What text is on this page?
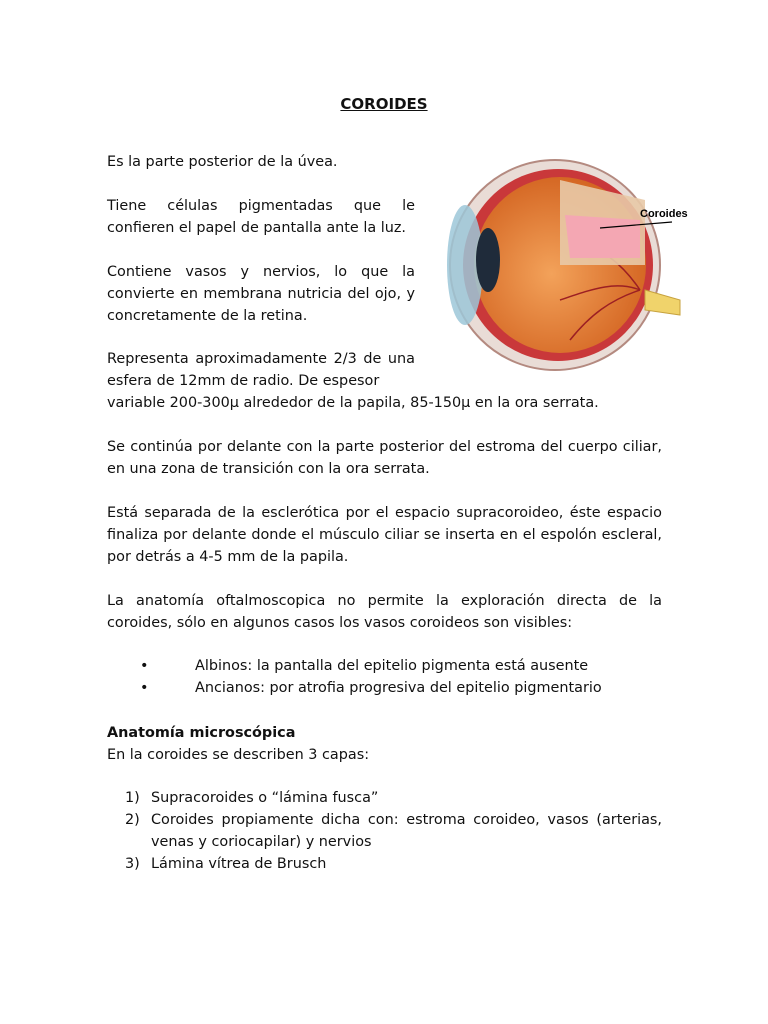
COROIDES

Es la parte posterior de la úvea.

Tiene células pigmentadas que le confieren el papel de pantalla ante la luz.

Contiene vasos y nervios, lo que la convierte en membrana nutricia del ojo, y concretamente de la retina.

Representa aproximadamente 2/3 de una esfera de 12mm de radio. De espesor

variable 200-300µ alrededor de la papila, 85-150µ en la ora serrata.

Se continúa por delante con la parte posterior del estroma del cuerpo ciliar, en una zona de transición con la ora serrata.

Está separada de la esclerótica por el espacio supracoroideo, éste espacio finaliza por delante donde el músculo ciliar se inserta en el espolón escleral, por detrás a 4-5 mm de la papila.

La anatomía oftalmoscopica no permite la exploración directa de la coroides, sólo en algunos casos los vasos coroideos son visibles:

•	Albinos: la pantalla del epitelio pigmenta está ausente
•	Ancianos: por atrofia progresiva del epitelio pigmentario
Anatomía microscópica
En la coroides se describen 3 capas:
1) Supracoroides o “lámina fusca”
2) Coroides propiamente dicha con: estroma coroideo, vasos (arterias, venas y coriocapilar) y nervios
3) Lámina vítrea de Brusch
Coroides
